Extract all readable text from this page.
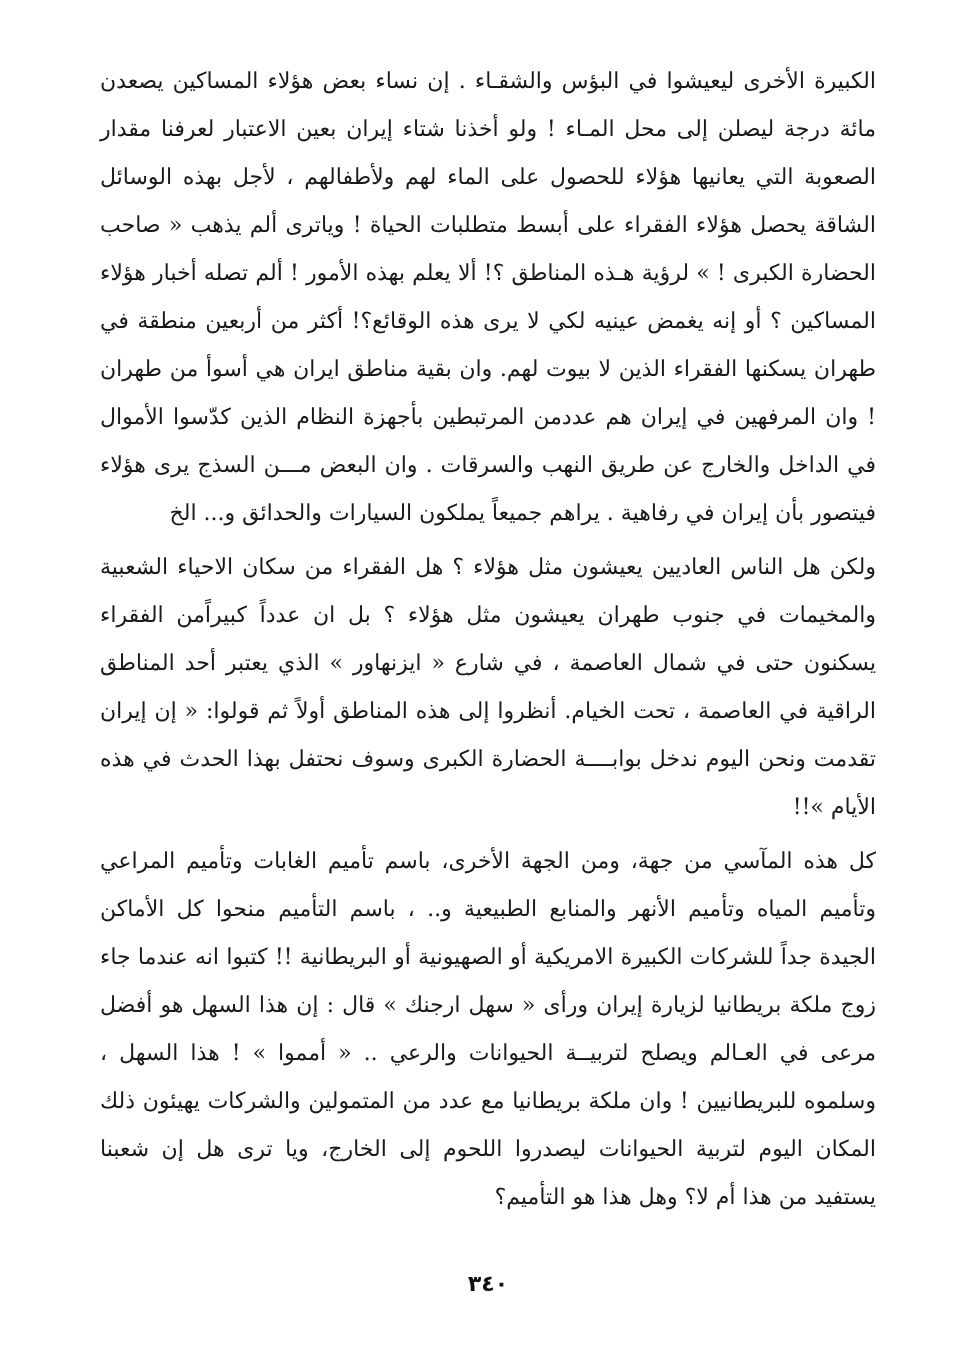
الكبيرة الأخرى ليعيشوا في البؤس والشقـاء . إن نساء بعض هؤلاء المساكين يصعدن مائة درجة ليصلن إلى محل المـاء ! ولو أخذنا شتاء إيران بعين الاعتبار لعرفنا مقدار الصعوبة التي يعانيها هؤلاء للحصول على الماء لهم ولأطفالهم ، لأجل بهذه الوسائل الشاقة يحصل هؤلاء الفقراء على أبسط متطلبات الحياة ! وياترى ألم يذهب « صاحب الحضارة الكبرى ! » لرؤية هـذه المناطق ؟! ألا يعلم بهذه الأمور ! ألم تصله أخبار هؤلاء المساكين ؟ أو إنه يغمض عينيه لكي لا يرى هذه الوقائع؟! أكثر من أربعين منطقة في طهران يسكنها الفقراء الذين لا بيوت لهم. وان بقية مناطق ايران هي أسوأ من طهران ! وان المرفهين في إيران هم عددمن المرتبطين بأجهزة النظام الذين كدّسوا الأموال في الداخل والخارج عن طريق النهب والسرقات . وان البعض مـــن السذج يرى هؤلاء فيتصور بأن إيران في رفاهية . يراهم جميعاً يملكون السيارات والحدائق و... الخ

ولكن هل الناس العاديين يعيشون مثل هؤلاء ؟ هل الفقراء من سكان الاحياء الشعبية والمخيمات في جنوب طهران يعيشون مثل هؤلاء ؟ بل ان عدداً كبيراًمن الفقراء يسكنون حتى في شمال العاصمة ، في شارع « ايزنهاور » الذي يعتبر أحد المناطق الراقية في العاصمة ، تحت الخيام. أنظروا إلى هذه المناطق أولاً ثم قولوا: « إن إيران تقدمت ونحن اليوم ندخل بوابــــة الحضارة الكبرى وسوف نحتفل بهذا الحدث في هذه الأيام »!!

كل هذه المآسي من جهة، ومن الجهة الأخرى، باسم تأميم الغابات وتأميم المراعي وتأميم المياه وتأميم الأنهر والمنابع الطبيعية و.. ، باسم التأميم منحوا كل الأماكن الجيدة جداً للشركات الكبيرة الامريكية أو الصهيونية أو البريطانية !! كتبوا انه عندما جاء زوج ملكة بريطانيا لزيارة إيران ورأى « سهل ارجنك » قال : إن هذا السهل هو أفضل مرعى في العـالم ويصلح لتربيــة الحيوانات والرعي .. « أمموا » ! هذا السهل ، وسلموه للبريطانيين ! وان ملكة بريطانيا مع عدد من المتمولين والشركات يهيئون ذلك المكان اليوم لتربية الحيوانات ليصدروا اللحوم إلى الخارج، ويا ترى هل إن شعبنا يستفيد من هذا أم لا؟ وهل هذا هو التأميم؟

٣٤٠
